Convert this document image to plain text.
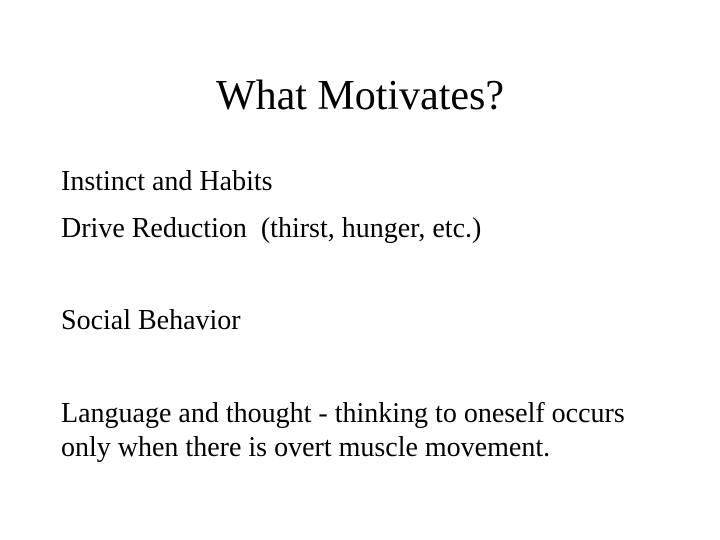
What Motivates?

Instinct and Habits

Drive Reduction  (thirst, hunger, etc.)

Social Behavior

Language and thought - thinking to oneself occurs only when there is overt muscle movement.
